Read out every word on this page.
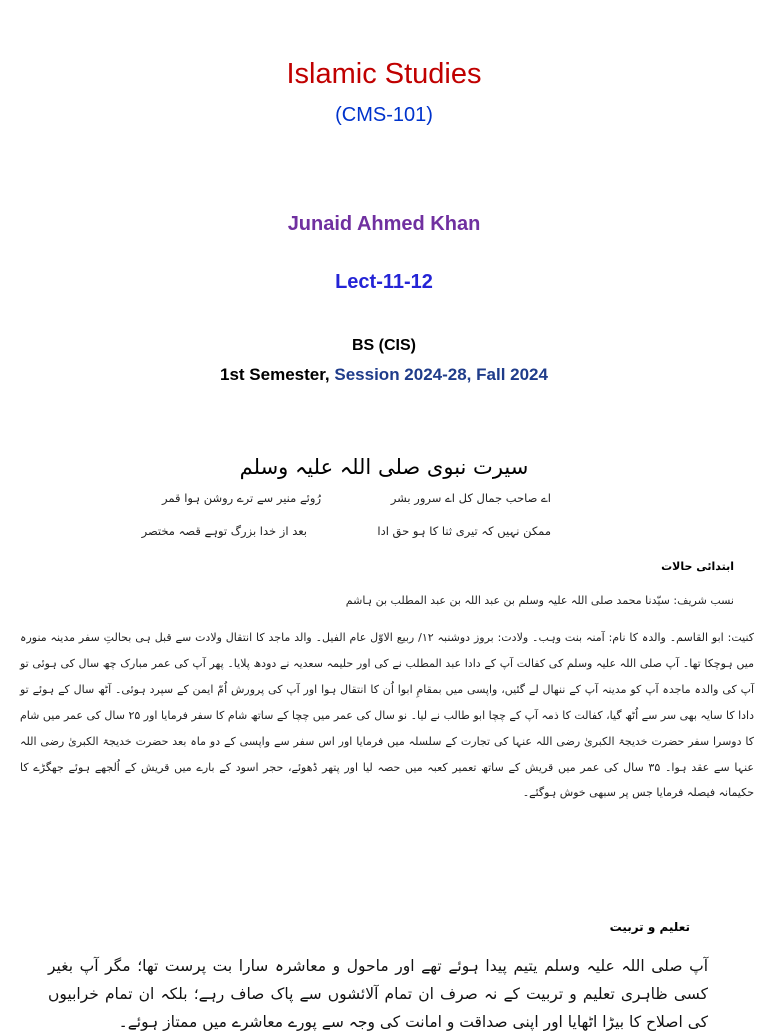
Islamic Studies
(CMS-101)
Junaid Ahmed Khan
Lect-11-12
BS (CIS)
1st Semester, Session 2024-28, Fall 2024
سیرت نبوی صلی اللہ علیہ وسلم
اے صاحب جمال کل اے سرور بشر
رُوئے منیر سے ترے روشن ہوا قمر
ممکن نہیں کہ تیری ثنا کا ہو حق ادا
بعد از خدا بزرگ توہے قصہ مختصر
ابتدائی حالات
نسب شریف: سیّدنا محمد صلی اللہ علیہ وسلم بن عبد اللہ بن عبد المطلب بن ہاشم
کنیت: ابو القاسم۔ والدہ کا نام: آمنہ بنت وہب۔ ولادت: بروز دوشنبہ ۱۲/ ربیع الاوّل عام الفیل۔ والد ماجد کا انتقال ولادت سے قبل ہی بحالتِ سفر مدینہ منورہ میں ہوچکا تھا۔ آپ صلی اللہ علیہ وسلم کی کفالت آپ کے دادا عبد المطلب نے کی اور حلیمہ سعدیہ نے دودھ پلایا۔ پھر آپ کی عمر مبارک چھ سال کی ہوئی تو آپ کی والدہ ماجدہ آپ کو مدینہ آپ کے ننھال لے گئیں، واپسی میں بمقامِ ابوا اُن کا انتقال ہوا اور آپ کی پرورش اُمّ ایمن کے سپرد ہوئی۔ آٹھ سال کے ہوئے تو دادا کا سایہ بھی سر سے اُٹھ گیا، کفالت کا ذمہ آپ کے چچا ابو طالب نے لیا۔ نو سال کی عمر میں چچا کے ساتھ شام کا سفر فرمایا اور ۲۵ سال کی عمر میں شام کا دوسرا سفر حضرت خدیجۃ الکبریٰ رضی اللہ عنہا کی تجارت کے سلسلہ میں فرمایا اور اس سفر سے واپسی کے دو ماہ بعد حضرت خدیجۃ الکبریٰ رضی اللہ عنہا سے عقد ہوا۔ ۳۵ سال کی عمر میں قریش کے ساتھ تعمیر کعبہ میں حصہ لیا اور پتھر ڈھوئے، حجر اسود کے بارے میں قریش کے اُلجھے ہوئے جھگڑے کا حکیمانہ فیصلہ فرمایا جس پر سبھی خوش ہوگئے۔
تعلیم و تربیت
آپ صلی اللہ علیہ وسلم یتیم پیدا ہوئے تھے اور ماحول و معاشرہ سارا بت پرست تھا؛ مگر آپ بغیر کسی ظاہری تعلیم و تربیت کے نہ صرف ان تمام آلائشوں سے پاک صاف رہے؛ بلکہ ان تمام خرابیوں کی اصلاح کا بیڑا اٹھایا اور اپنی صداقت و امانت کی وجہ سے پورے معاشرے میں ممتاز ہوئے۔
